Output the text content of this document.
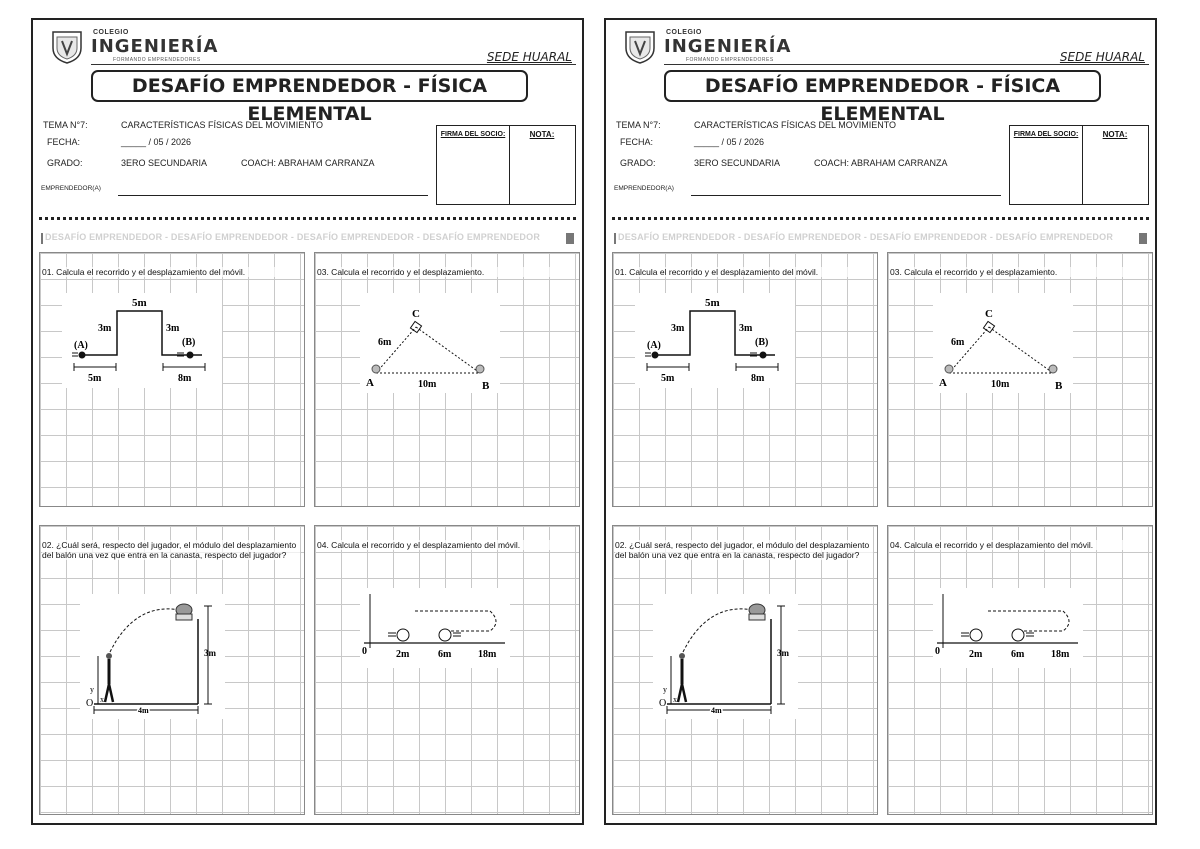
COLEGIO
INGENIERÍA
FORMANDO EMPRENDEDORES	SEDE HUARAL
DESAFÍO EMPRENDEDOR - FÍSICA ELEMENTAL
TEMA N°7:	CARACTERÍSTICAS FÍSICAS DEL MOVIMIENTO
FECHA:	_____ / 05 / 2026
GRADO:	3ERO SECUNDARIA	COACH: ABRAHAM CARRANZA
EMPRENDEDOR(A)
FIRMA DEL SOCIO:	NOTA:
DESAFÍO EMPRENDEDOR - DESAFÍO EMPRENDEDOR - DESAFÍO EMPRENDEDOR - DESAFÍO EMPRENDEDOR
01. Calcula el recorrido y el desplazamiento del móvil.
5m
3m	3m
(A)	(B)
5m	8m
03. Calcula el recorrido y el desplazamiento.
A	B
C
6m
10m
02. ¿Cuál será, respecto del jugador, el módulo del desplazamiento del balón una vez que entra en la canasta, respecto del jugador?
O x
y
3m
4m
04. Calcula el recorrido y el desplazamiento del móvil.
0	2m	6m	18m
COLEGIO
INGENIERÍA
FORMANDO EMPRENDEDORES	SEDE HUARAL
DESAFÍO EMPRENDEDOR - FÍSICA ELEMENTAL
TEMA N°7:	CARACTERÍSTICAS FÍSICAS DEL MOVIMIENTO
FECHA:	_____ / 05 / 2026
GRADO:	3ERO SECUNDARIA	COACH: ABRAHAM CARRANZA
EMPRENDEDOR(A)
FIRMA DEL SOCIO:	NOTA:
DESAFÍO EMPRENDEDOR - DESAFÍO EMPRENDEDOR - DESAFÍO EMPRENDEDOR - DESAFÍO EMPRENDEDOR
01. Calcula el recorrido y el desplazamiento del móvil.
5m
3m	3m
(A)	(B)
5m	8m
03. Calcula el recorrido y el desplazamiento.
A	B
C
6m
10m
02. ¿Cuál será, respecto del jugador, el módulo del desplazamiento del balón una vez que entra en la canasta, respecto del jugador?
O x
y
3m
4m
04. Calcula el recorrido y el desplazamiento del móvil.
0	2m	6m	18m
